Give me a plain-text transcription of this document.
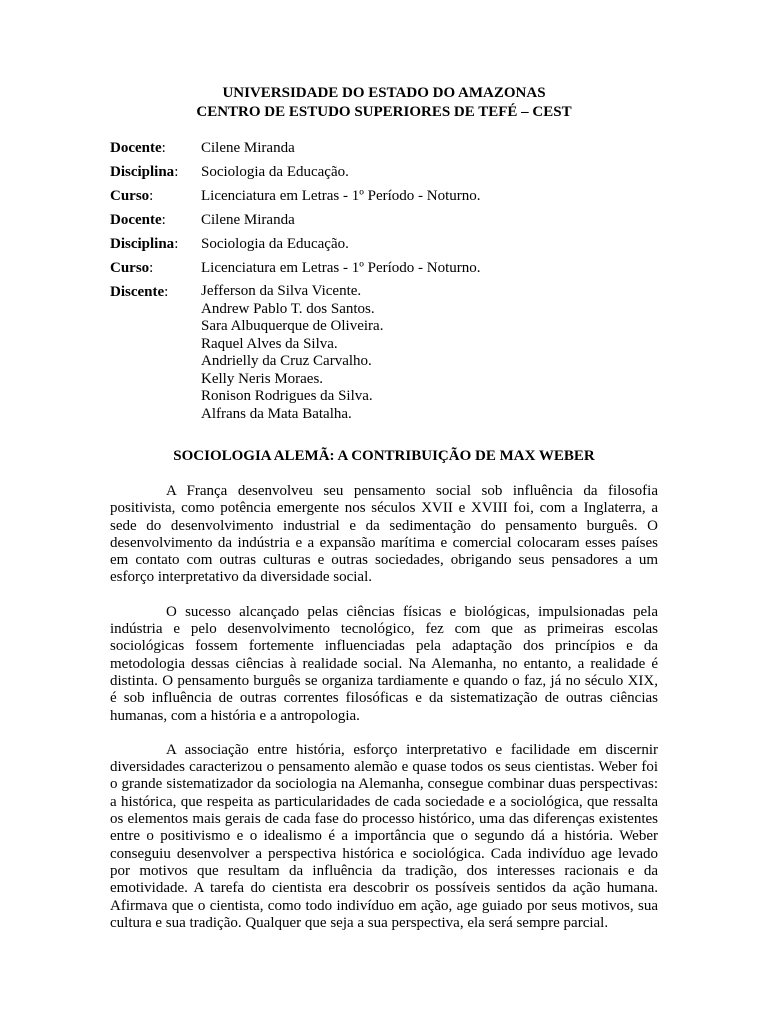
UNIVERSIDADE DO ESTADO DO AMAZONAS
CENTRO DE ESTUDO SUPERIORES DE TEFÉ – CEST
Docente:	Cilene Miranda
Disciplina:	Sociologia da Educação.
Curso:	Licenciatura em Letras - 1º Período - Noturno.
Docente:	Cilene Miranda
Disciplina:	Sociologia da Educação.
Curso:	Licenciatura em Letras - 1º Período - Noturno.
Discente:	Jefferson da Silva Vicente.
Andrew Pablo T. dos Santos.
Sara Albuquerque de Oliveira.
Raquel Alves da Silva.
Andrielly da Cruz Carvalho.
Kelly Neris Moraes.
Ronison Rodrigues da Silva.
Alfrans da Mata Batalha.
SOCIOLOGIA ALEMÃ: A CONTRIBUIÇÃO DE MAX WEBER

A França desenvolveu seu pensamento social sob influência da filosofia positivista, como potência emergente nos séculos XVII e XVIII foi, com a Inglaterra, a sede do desenvolvimento industrial e da sedimentação do pensamento burguês. O desenvolvimento da indústria e a expansão marítima e comercial colocaram esses países em contato com outras culturas e outras sociedades, obrigando seus pensadores a um esforço interpretativo da diversidade social.

O sucesso alcançado pelas ciências físicas e biológicas, impulsionadas pela indústria e pelo desenvolvimento tecnológico, fez com que as primeiras escolas sociológicas fossem fortemente influenciadas pela adaptação dos princípios e da metodologia dessas ciências à realidade social. Na Alemanha, no entanto, a realidade é distinta. O pensamento burguês se organiza tardiamente e quando o faz, já no século XIX, é sob influência de outras correntes filosóficas e da sistematização de outras ciências humanas, com a história e a antropologia.

A associação entre história, esforço interpretativo e facilidade em discernir diversidades caracterizou o pensamento alemão e quase todos os seus cientistas. Weber foi o grande sistematizador da sociologia na Alemanha, consegue combinar duas perspectivas: a histórica, que respeita as particularidades de cada sociedade e a sociológica, que ressalta os elementos mais gerais de cada fase do processo histórico, uma das diferenças existentes entre o positivismo e o idealismo é a importância que o segundo dá a história. Weber conseguiu desenvolver a perspectiva histórica e sociológica. Cada indivíduo age levado por motivos que resultam da influência da tradição, dos interesses racionais e da emotividade. A tarefa do cientista era descobrir os possíveis sentidos da ação humana. Afirmava que o cientista, como todo indivíduo em ação, age guiado por seus motivos, sua cultura e sua tradição. Qualquer que seja a sua perspectiva, ela será sempre parcial.
